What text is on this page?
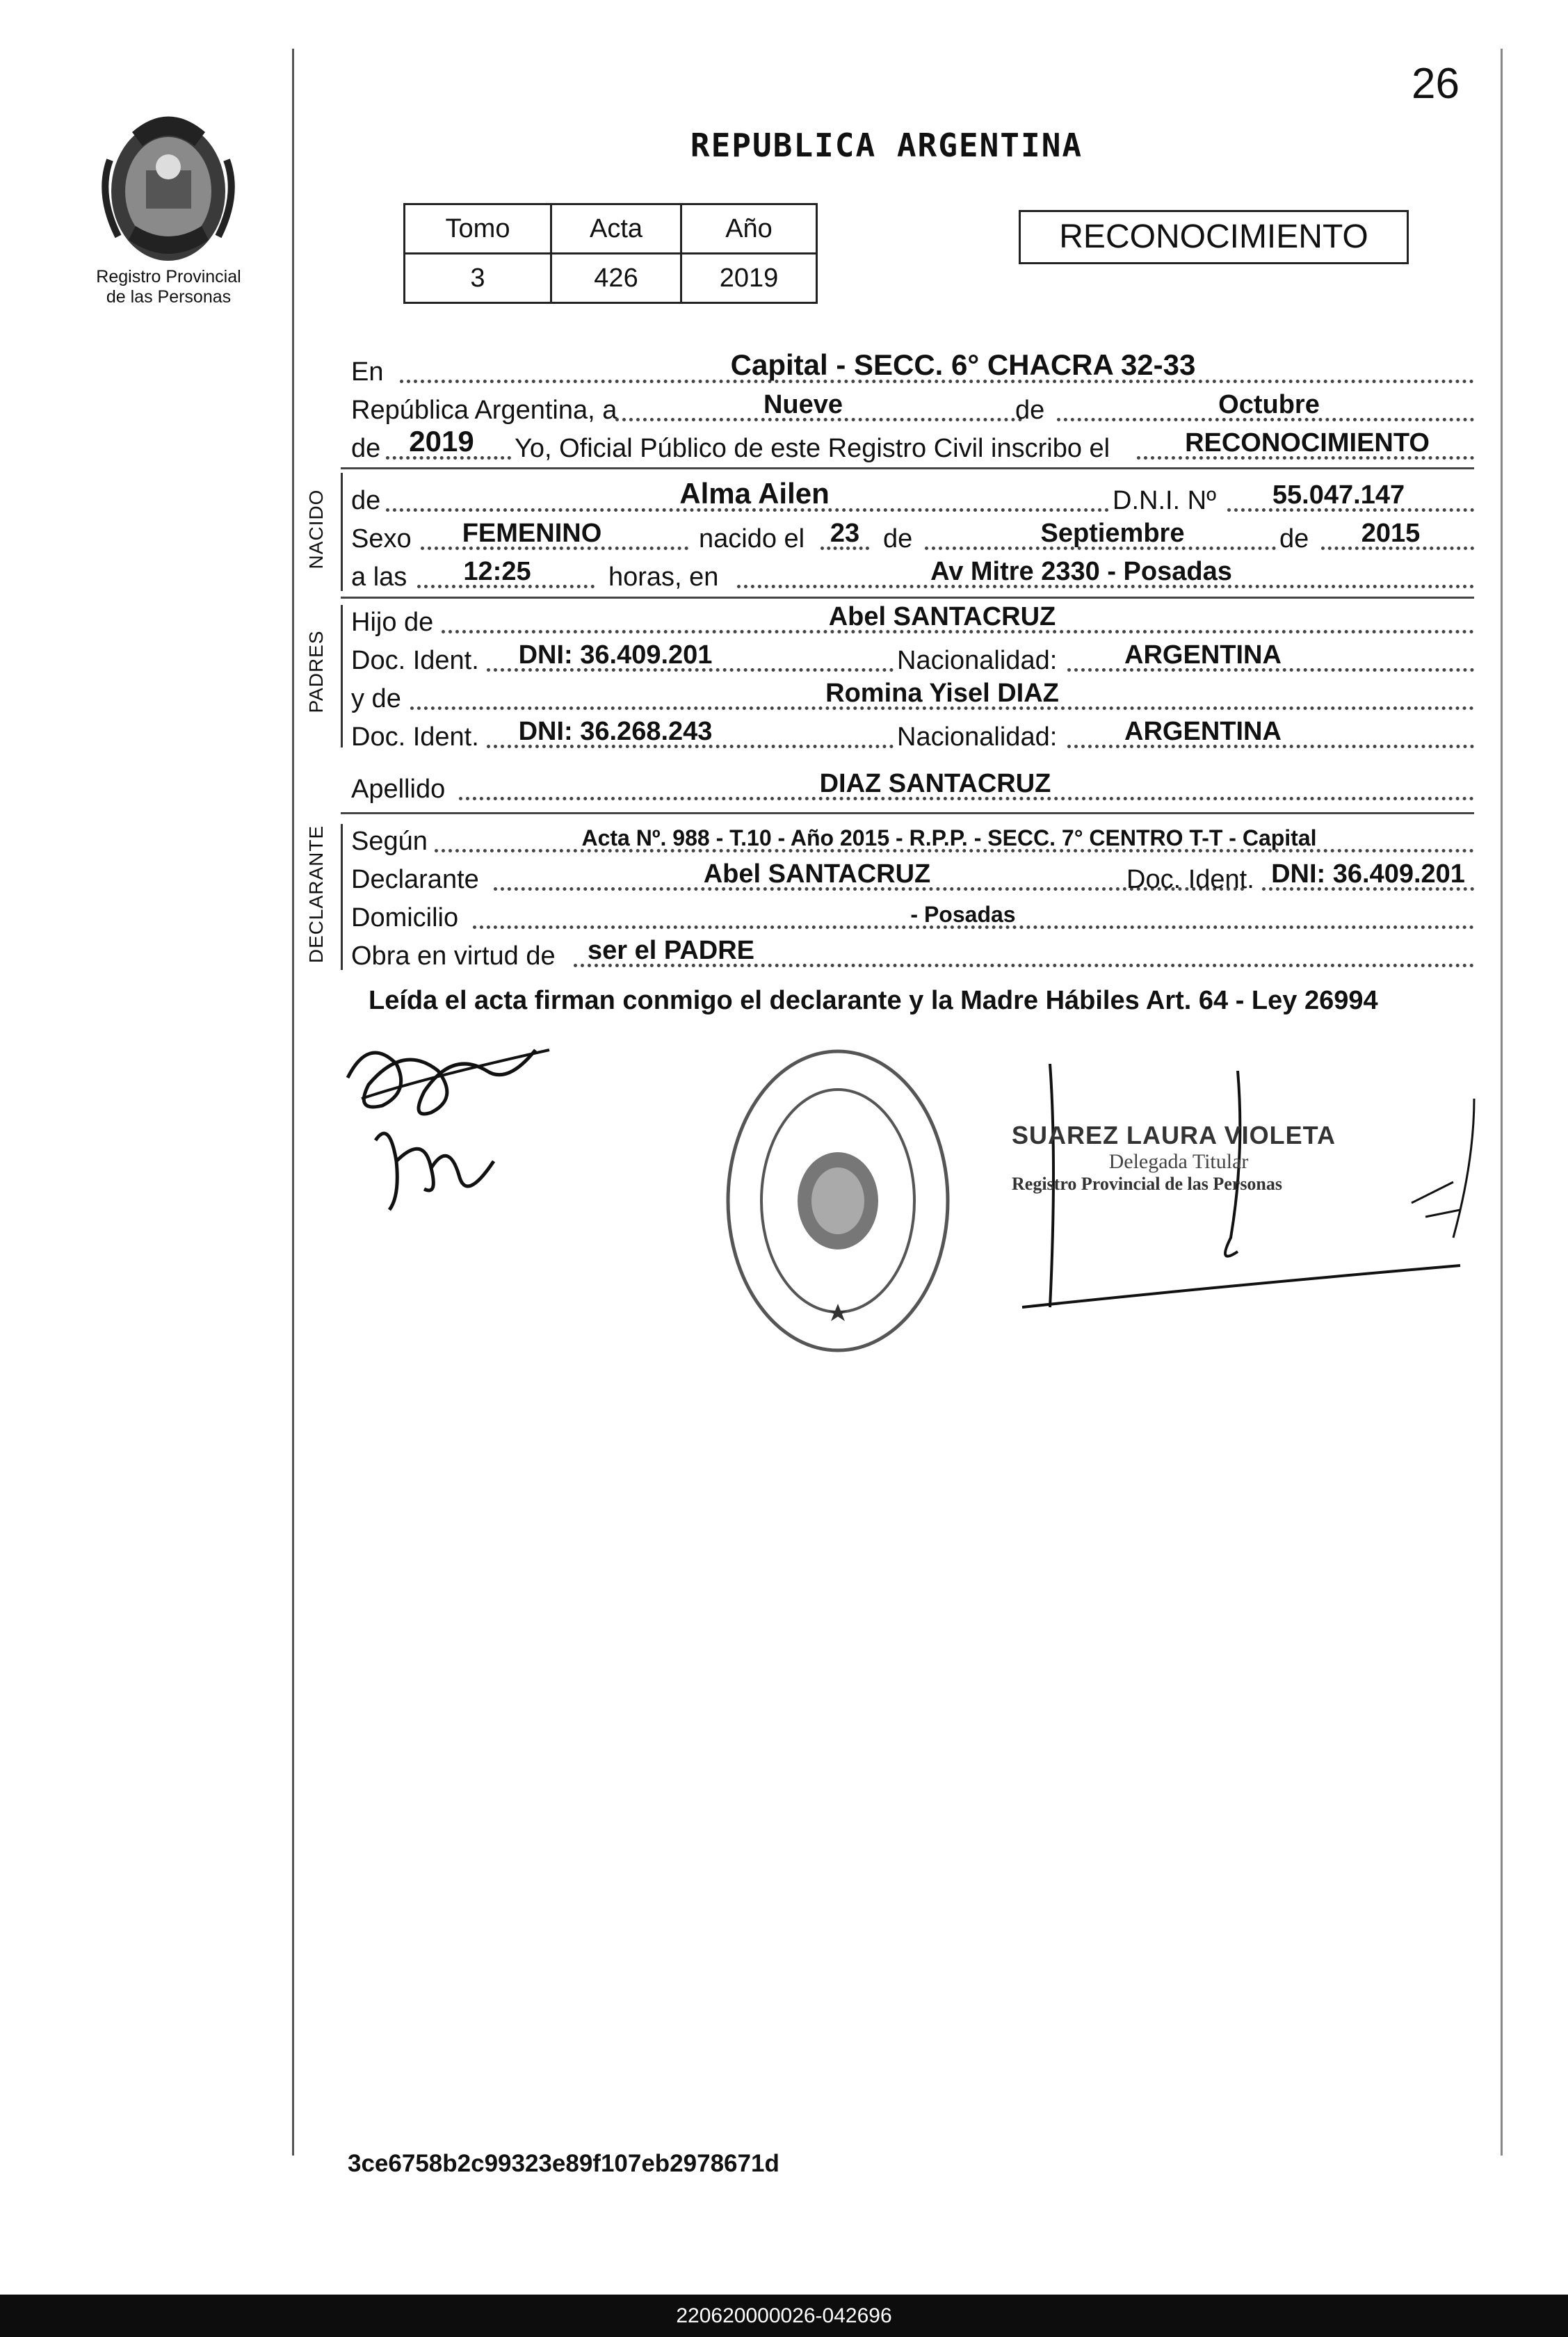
26
Registro Provincial
de las Personas
REPUBLICA ARGENTINA
Tomo	Acta	Año
3	426	2019
RECONOCIMIENTO
En	Capital - SECC. 6° CHACRA 32-33
República Argentina, a	Nueve	de	Octubre
de 2019	Yo, Oficial Público de este Registro Civil inscribo el	RECONOCIMIENTO
NACIDO de	Alma Ailen	D.N.I. Nº	55.047.147
Sexo	FEMENINO	nacido el 23 de	Septiembre	de	2015
a las 12:25	horas, en	Av Mitre 2330 - Posadas
PADRES
Hijo de	Abel SANTACRUZ
Doc. Ident.	DNI: 36.409.201	Nacionalidad:	ARGENTINA
y de	Romina Yisel DIAZ
Doc. Ident.	DNI: 36.268.243	Nacionalidad:	ARGENTINA
Apellido	DIAZ SANTACRUZ
DECLARANTE Según	Acta Nº. 988 - T.10 - Año 2015 - R.P.P. - SECC. 7° CENTRO T-T - Capital
Declarante	Abel SANTACRUZ	Doc. Ident. DNI: 36.409.201
Domicilio	- Posadas
Obra en virtud de ser el PADRE
Leída el acta firman conmigo el declarante y la Madre Hábiles Art. 64 - Ley 26994
SUAREZ LAURA VIOLETA
Delegada Titular
Registro Provincial de las Personas
3ce6758b2c99323e89f107eb2978671d
220620000026-042696
